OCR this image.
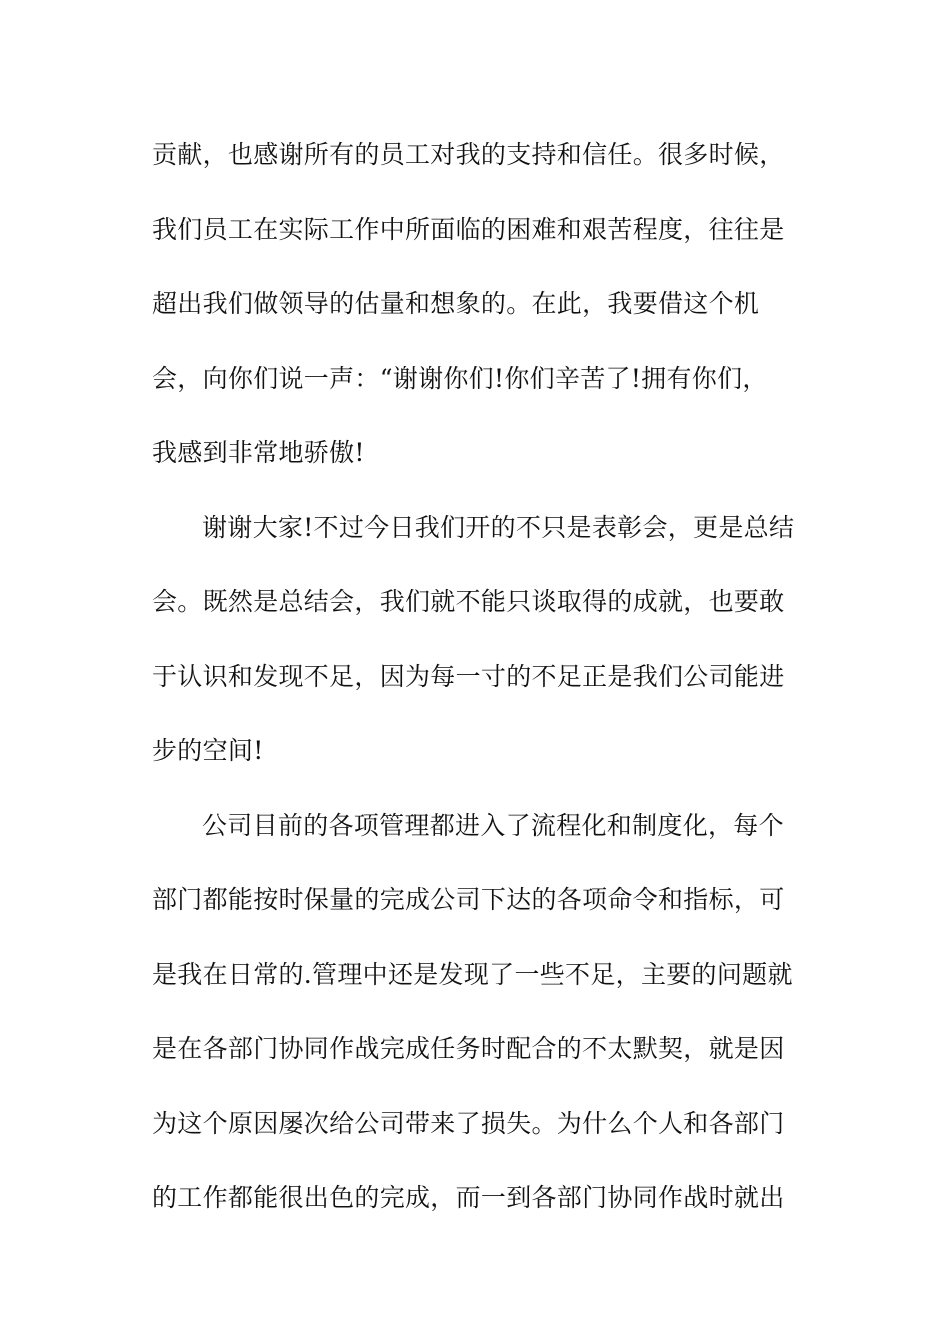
贡献，也感谢所有的员工对我的支持和信任。很多时候，
我们员工在实际工作中所面临的困难和艰苦程度，往往是
超出我们做领导的估量和想象的。在此，我要借这个机
会，向你们说一声：“谢谢你们!你们辛苦了!拥有你们，
我感到非常地骄傲!
谢谢大家!不过今日我们开的不只是表彰会，更是总结
会。既然是总结会，我们就不能只谈取得的成就，也要敢
于认识和发现不足，因为每一寸的不足正是我们公司能进
步的空间!
公司目前的各项管理都进入了流程化和制度化，每个
部门都能按时保量的完成公司下达的各项命令和指标，可
是我在日常的.管理中还是发现了一些不足，主要的问题就
是在各部门协同作战完成任务时配合的不太默契，就是因
为这个原因屡次给公司带来了损失。为什么个人和各部门
的工作都能很出色的完成，而一到各部门协同作战时就出
